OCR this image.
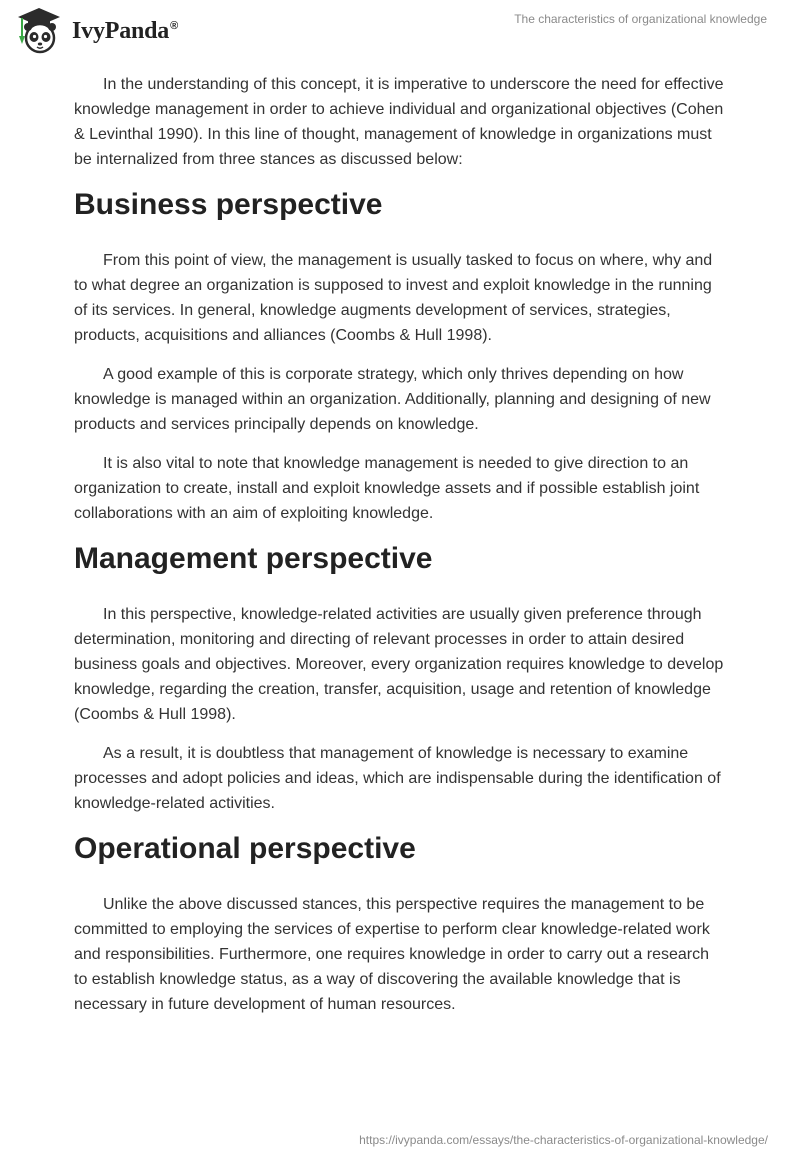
IvyPanda®	The characteristics of organizational knowledge

In the understanding of this concept, it is imperative to underscore the need for effective knowledge management in order to achieve individual and organizational objectives (Cohen & Levinthal 1990). In this line of thought, management of knowledge in organizations must be internalized from three stances as discussed below:

Business perspective

From this point of view, the management is usually tasked to focus on where, why and to what degree an organization is supposed to invest and exploit knowledge in the running of its services. In general, knowledge augments development of services, strategies, products, acquisitions and alliances (Coombs & Hull 1998).

A good example of this is corporate strategy, which only thrives depending on how knowledge is managed within an organization. Additionally, planning and designing of new products and services principally depends on knowledge.

It is also vital to note that knowledge management is needed to give direction to an organization to create, install and exploit knowledge assets and if possible establish joint collaborations with an aim of exploiting knowledge.

Management perspective

In this perspective, knowledge-related activities are usually given preference through determination, monitoring and directing of relevant processes in order to attain desired business goals and objectives. Moreover, every organization requires knowledge to develop knowledge, regarding the creation, transfer, acquisition, usage and retention of knowledge (Coombs & Hull 1998).

As a result, it is doubtless that management of knowledge is necessary to examine processes and adopt policies and ideas, which are indispensable during the identification of knowledge-related activities.

Operational perspective

Unlike the above discussed stances, this perspective requires the management to be committed to employing the services of expertise to perform clear knowledge-related work and responsibilities. Furthermore, one requires knowledge in order to carry out a research to establish knowledge status, as a way of discovering the available knowledge that is necessary in future development of human resources.

https://ivypanda.com/essays/the-characteristics-of-organizational-knowledge/
